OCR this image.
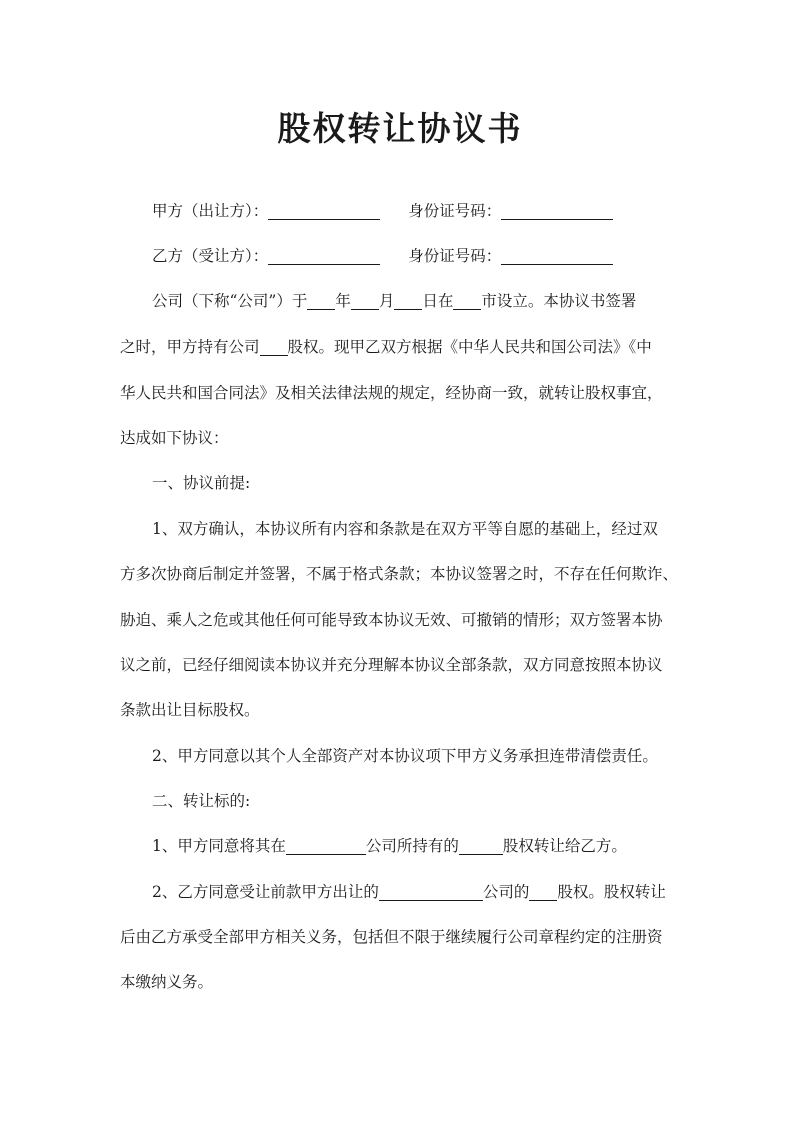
股权转让协议书
甲方（出让方）：	身份证号码：
乙方（受让方）：	身份证号码：
公司（下称“公司”）于 年 月 日在 市设立。本协议书签署
之时，甲方持有公司 股权。现甲乙双方根据《中华人民共和国公司法》《中
华人民共和国合同法》及相关法律法规的规定，经协商一致，就转让股权事宜，
达成如下协议：
一、协议前提:
1、双方确认，本协议所有内容和条款是在双方平等自愿的基础上，经过双
方多次协商后制定并签署，不属于格式条款；本协议签署之时，不存在任何欺诈、
胁迫、乘人之危或其他任何可能导致本协议无效、可撤销的情形；双方签署本协
议之前，已经仔细阅读本协议并充分理解本协议全部条款，双方同意按照本协议
条款出让目标股权。
2、甲方同意以其个人全部资产对本协议项下甲方义务承担连带清偿责任。
二、转让标的:
1、甲方同意将其在	公司所持有的	股权转让给乙方。
2、乙方同意受让前款甲方出让的	公司的 股权。股权转让
后由乙方承受全部甲方相关义务，包括但不限于继续履行公司章程约定的注册资
本缴纳义务。
